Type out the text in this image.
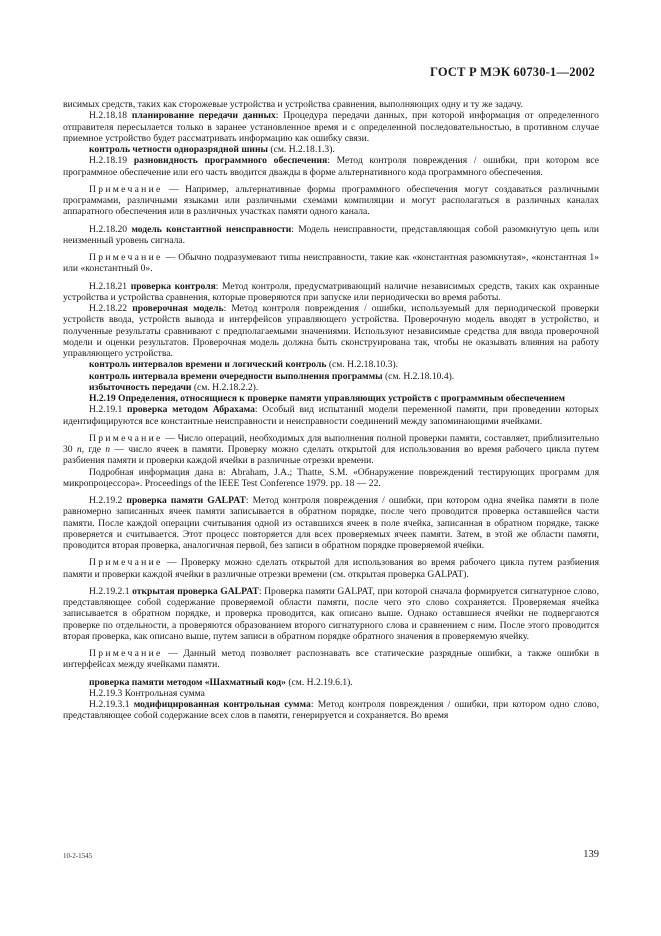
ГОСТ Р МЭК 60730-1—2002

висимых средств, таких как сторожевые устройства и устройства сравнения, выполняющих одну и ту же задачу.

Н.2.18.18 планирование передачи данных: Процедура передачи данных, при которой информация от определенного отправителя пересылается только в заранее установленное время и с определенной последовательностью, в противном случае приемное устройство будет рассматривать информацию как ошибку связи.

контроль четности одноразрядной шины (см. Н.2.18.1.3).

Н.2.18.19 разновидность программного обеспечения: Метод контроля повреждения / ошибки, при котором все программное обеспечение или его часть вводится дважды в форме альтернативного кода программного обеспечения.

Примечание — Например, альтернативные формы программного обеспечения могут создаваться различными программами, различными языками или различными схемами компиляции и могут располагаться в различных каналах аппаратного обеспечения или в различных участках памяти одного канала.

Н.2.18.20 модель константной неисправности: Модель неисправности, представляющая собой разомкнутую цепь или неизменный уровень сигнала.

Примечание — Обычно подразумевают типы неисправности, такие как «константная разомкнутая», «константная 1» или «константный 0».

Н.2.18.21 проверка контроля: Метод контроля, предусматривающий наличие независимых средств, таких как охранные устройства и устройства сравнения, которые проверяются при запуске или периодически во время работы.

Н.2.18.22 проверочная модель: Метод контроля повреждения / ошибки, используемый для периодической проверки устройств ввода, устройств вывода и интерфейсов управляющего устройства. Проверочную модель вводят в устройство, и полученные результаты сравнивают с предполагаемыми значениями. Используют независимые средства для ввода проверочной модели и оценки результатов. Проверочная модель должна быть сконструирована так, чтобы не оказывать влияния на работу управляющего устройства.

контроль интервалов времени и логический контроль (см. Н.2.18.10.3).

контроль интервала времени очередности выполнения программы (см. Н.2.18.10.4).

избыточность передачи (см. Н.2.18.2.2).

Н.2.19 Определения, относящиеся к проверке памяти управляющих устройств с программным обеспечением

Н.2.19.1 проверка методом Абрахама: Особый вид испытаний модели переменной памяти, при проведении которых идентифицируются все константные неисправности и неисправности соединений между запоминающими ячейками.

Примечание — Число операций, необходимых для выполнения полной проверки памяти, составляет, приблизительно 30 n, где n — число ячеек в памяти. Проверку можно сделать открытой для использования во время рабочего цикла путем разбиения памяти и проверки каждой ячейки в различные отрезки времени.

Подробная информация дана в: Abraham, J.A.; Thatte, S.M. «Обнаружение повреждений тестирующих программ для микропроцессора». Proceedings of the IEEE Test Conference 1979. pp. 18 — 22.

Н.2.19.2 проверка памяти GALPAT: Метод контроля повреждения / ошибки, при котором одна ячейка памяти в поле равномерно записанных ячеек памяти записывается в обратном порядке, после чего проводится проверка оставшейся части памяти. После каждой операции считывания одной из оставшихся ячеек в поле ячейка, записанная в обратном порядке, также проверяется и считывается. Этот процесс повторяется для всех проверяемых ячеек памяти. Затем, в этой же области памяти, проводится вторая проверка, аналогичная первой, без записи в обратном порядке проверяемой ячейки.

Примечание — Проверку можно сделать открытой для использования во время рабочего цикла путем разбиения памяти и проверки каждой ячейки в различные отрезки времени (см. открытая проверка GALPAT).

Н.2.19.2.1 открытая проверка GALPAT: Проверка памяти GALPAT, при которой сначала формируется сигнатурное слово, представляющее собой содержание проверяемой области памяти, после чего это слово сохраняется. Проверяемая ячейка записывается в обратном порядке, и проверка проводится, как описано выше. Однако оставшиеся ячейки не подвергаются проверке по отдельности, а проверяются образованием второго сигнатурного слова и сравнением с ним. После этого проводится вторая проверка, как описано выше, путем записи в обратном порядке обратного значения в проверяемую ячейку.

Примечание — Данный метод позволяет распознавать все статические разрядные ошибки, а также ошибки в интерфейсах между ячейками памяти.

проверка памяти методом «Шахматный код» (см. Н.2.19.6.1).

Н.2.19.3 Контрольная сумма

Н.2.19.3.1 модифицированная контрольная сумма: Метод контроля повреждения / ошибки, при котором одно слово, представляющее собой содержание всех слов в памяти, генерируется и сохраняется. Во время

10-2-1545	139
